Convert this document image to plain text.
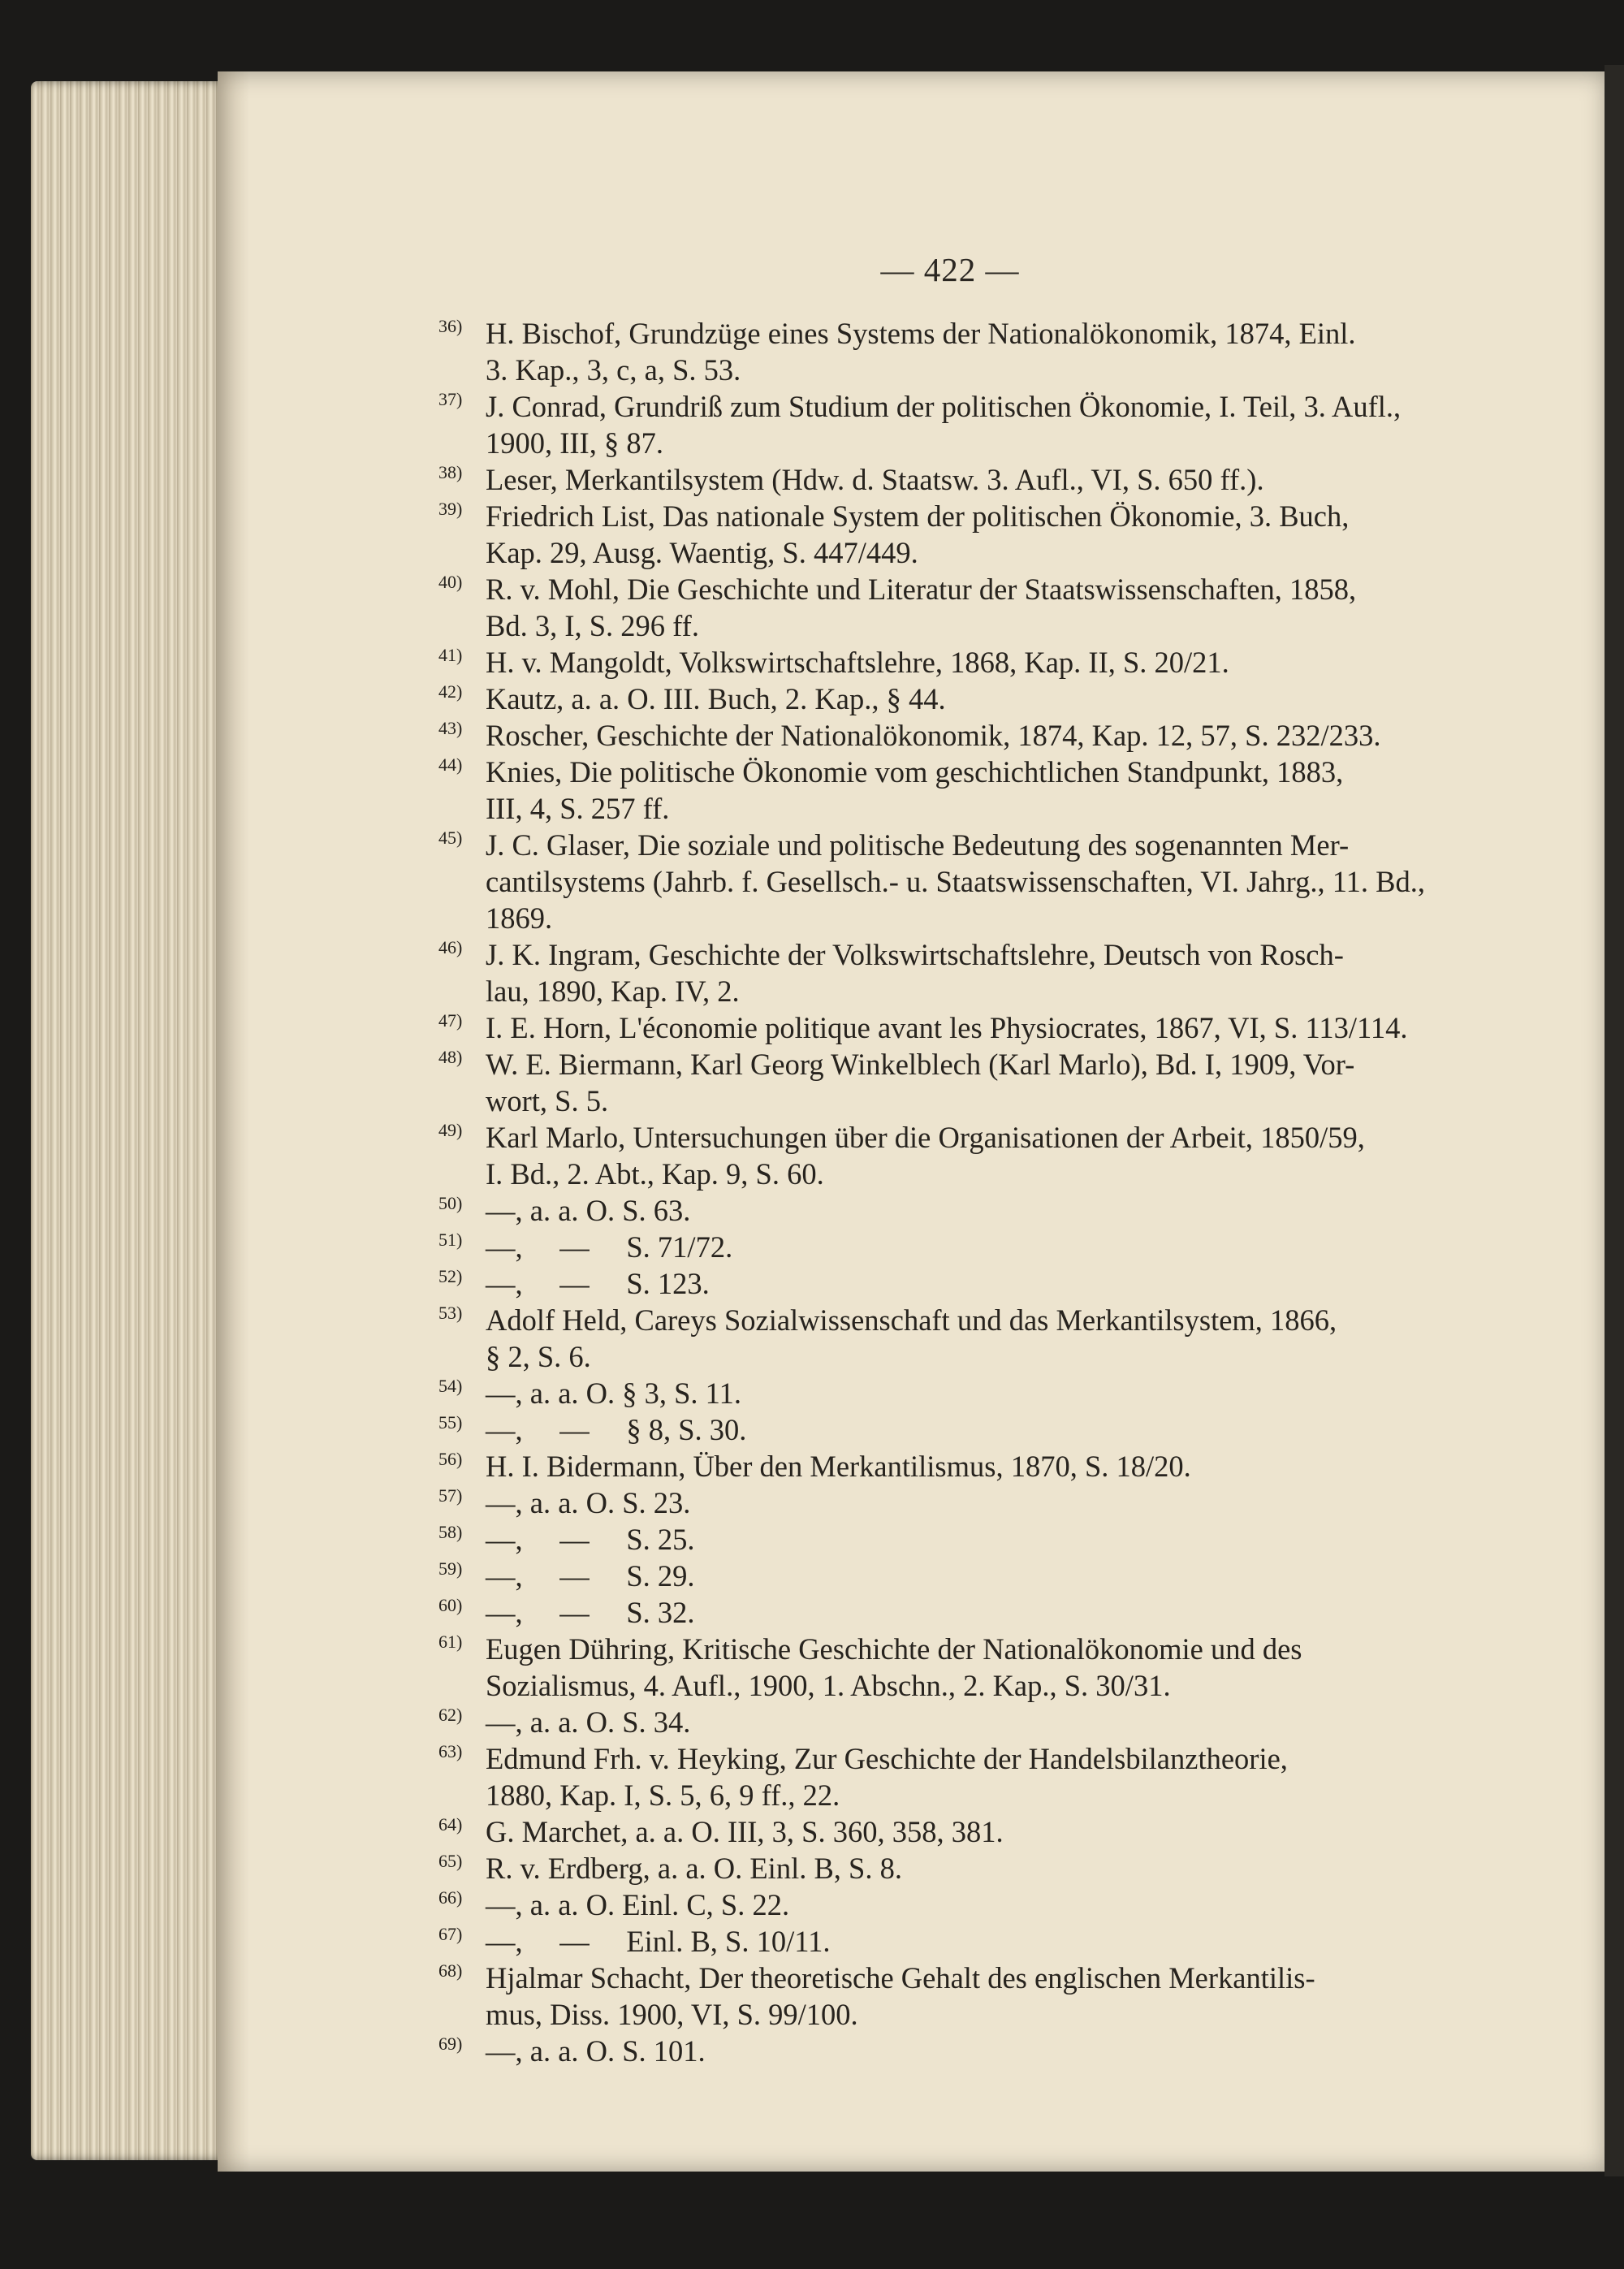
— 422 —
36) H. Bischof, Grundzüge eines Systems der Nationalökonomik, 1874, Einl.
3. Kap., 3, c, a, S. 53.
37) J. Conrad, Grundriß zum Studium der politischen Ökonomie, I. Teil, 3. Aufl.,
1900, III, § 87.
38) Leser, Merkantilsystem (Hdw. d. Staatsw. 3. Aufl., VI, S. 650 ff.).
39) Friedrich List, Das nationale System der politischen Ökonomie, 3. Buch,
Kap. 29, Ausg. Waentig, S. 447/449.
40) R. v. Mohl, Die Geschichte und Literatur der Staatswissenschaften, 1858,
Bd. 3, I, S. 296 ff.
41) H. v. Mangoldt, Volkswirtschaftslehre, 1868, Kap. II, S. 20/21.
42) Kautz, a. a. O. III. Buch, 2. Kap., § 44.
43) Roscher, Geschichte der Nationalökonomik, 1874, Kap. 12, 57, S. 232/233.
44) Knies, Die politische Ökonomie vom geschichtlichen Standpunkt, 1883,
III, 4, S. 257 ff.
45) J. C. Glaser, Die soziale und politische Bedeutung des sogenannten Mer-
cantilsystems (Jahrb. f. Gesellsch.- u. Staatswissenschaften, VI. Jahrg., 11. Bd.,
1869.
46) J. K. Ingram, Geschichte der Volkswirtschaftslehre, Deutsch von Rosch-
lau, 1890, Kap. IV, 2.
47) I. E. Horn, L'économie politique avant les Physiocrates, 1867, VI, S. 113/114.
48) W. E. Biermann, Karl Georg Winkelblech (Karl Marlo), Bd. I, 1909, Vor-
wort, S. 5.
49) Karl Marlo, Untersuchungen über die Organisationen der Arbeit, 1850/59,
I. Bd., 2. Abt., Kap. 9, S. 60.
50) —, a. a. O. S. 63.
51) —,     —     S. 71/72.
52) —,     —     S. 123.
53) Adolf Held, Careys Sozialwissenschaft und das Merkantilsystem, 1866,
§ 2, S. 6.
54) —, a. a. O. § 3, S. 11.
55) —,     —     § 8, S. 30.
56) H. I. Bidermann, Über den Merkantilismus, 1870, S. 18/20.
57) —, a. a. O. S. 23.
58) —,     —     S. 25.
59) —,     —     S. 29.
60) —,     —     S. 32.
61) Eugen Dühring, Kritische Geschichte der Nationalökonomie und des
Sozialismus, 4. Aufl., 1900, 1. Abschn., 2. Kap., S. 30/31.
62) —, a. a. O. S. 34.
63) Edmund Frh. v. Heyking, Zur Geschichte der Handelsbilanztheorie,
1880, Kap. I, S. 5, 6, 9 ff., 22.
64) G. Marchet, a. a. O. III, 3, S. 360, 358, 381.
65) R. v. Erdberg, a. a. O. Einl. B, S. 8.
66) —, a. a. O. Einl. C, S. 22.
67) —,     —     Einl. B, S. 10/11.
68) Hjalmar Schacht, Der theoretische Gehalt des englischen Merkantilis-
mus, Diss. 1900, VI, S. 99/100.
69) —, a. a. O. S. 101.
